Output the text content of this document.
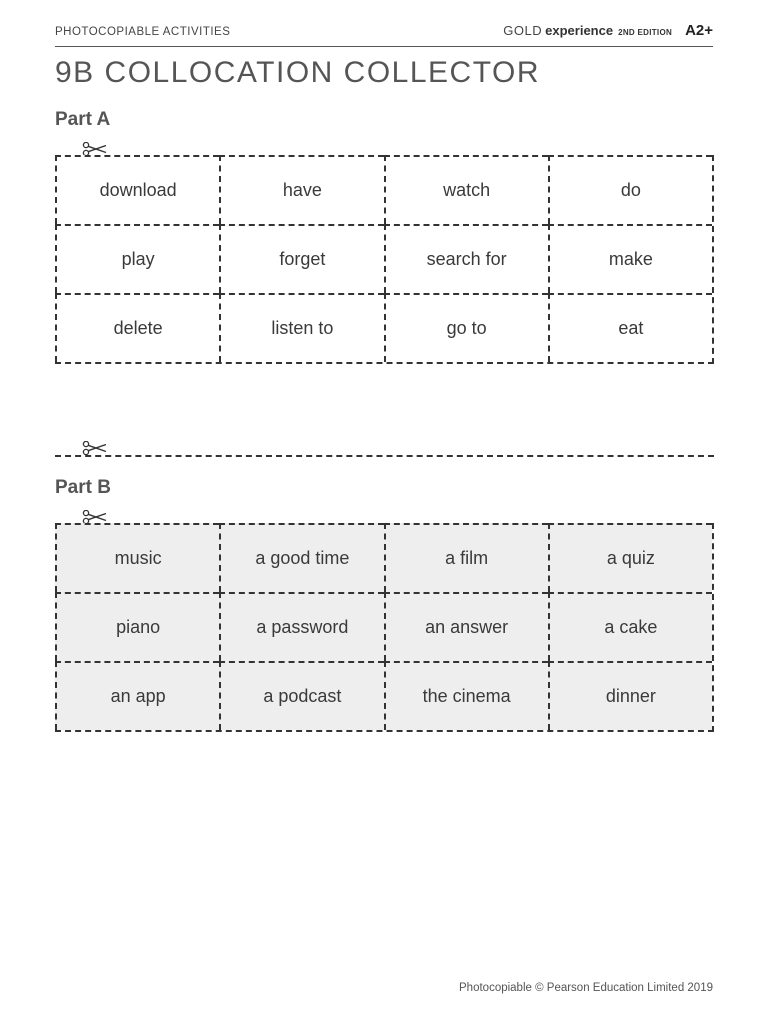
PHOTOCOPIABLE ACTIVITIES	GOLD experience 2ND EDITION A2+
9B COLLOCATION COLLECTOR
Part A
download	have	watch	do
play	forget	search for	make
delete	listen to	go to	eat
Part B
music	a good time	a film	a quiz
piano	a password	an answer	a cake
an app	a podcast	the cinema	dinner
Photocopiable © Pearson Education Limited 2019
